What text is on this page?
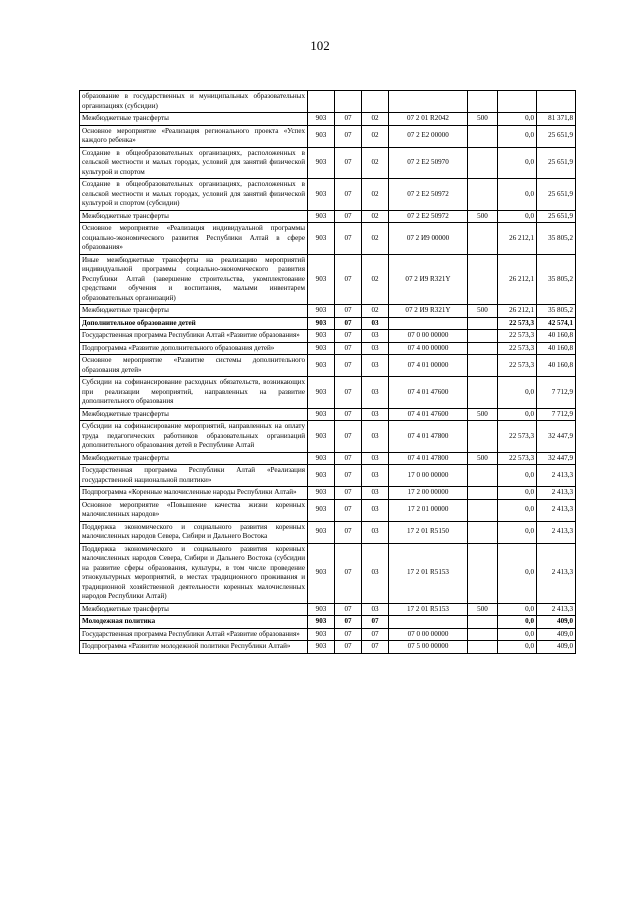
102
образование в государственных и муниципальных образовательных организациях (субсидии)							
Межбюджетные трансферты	903	07	02	07 2 01 R2042	500	0,0	81 371,8
Основное мероприятие «Реализация регионального проекта «Успех каждого ребенка»	903	07	02	07 2 E2 00000		0,0	25 651,9
Создание в общеобразовательных организациях, расположенных в сельской местности и малых городах, условий для занятий физической культурой и спортом	903	07	02	07 2 E2 50970		0,0	25 651,9
Создание в общеобразовательных организациях, расположенных в сельской местности и малых городах, условий для занятий физической культурой и спортом (субсидии)	903	07	02	07 2 E2 50972		0,0	25 651,9
Межбюджетные трансферты	903	07	02	07 2 E2 50972	500	0,0	25 651,9
Основное мероприятие «Реализация индивидуальной программы социально-экономического развития Республики Алтай в сфере образования»	903	07	02	07 2 И9 00000		26 212,1	35 805,2
Иные межбюджетные трансферты на реализацию мероприятий индивидуальной программы социально-экономического развития Республики Алтай (завершение строительства, укомплектование средствами обучения и воспитания, малыми инвентарем образовательных организаций)	903	07	02	07 2 И9 R321Y		26 212,1	35 805,2
Межбюджетные трансферты	903	07	02	07 2 И9 R321Y	500	26 212,1	35 805,2
Дополнительное образование детей	903	07	03			22 573,3	42 574,1
Государственная программа Республики Алтай «Развитие образования»	903	07	03	07 0 00 00000		22 573,3	40 160,8
Подпрограмма «Развитие дополнительного образования детей»	903	07	03	07 4 00 00000		22 573,3	40 160,8
Основное мероприятие «Развитие системы дополнительного образования детей»	903	07	03	07 4 01 00000		22 573,3	40 160,8
Субсидии на софинансирование расходных обязательств, возникающих при реализации мероприятий, направленных на развитие дополнительного образования	903	07	03	07 4 01 47600		0,0	7 712,9
Межбюджетные трансферты	903	07	03	07 4 01 47600	500	0,0	7 712,9
Субсидии на софинансирование мероприятий, направленных на оплату труда педагогических работников образовательных организаций дополнительного образования детей в Республике Алтай	903	07	03	07 4 01 47800		22 573,3	32 447,9
Межбюджетные трансферты	903	07	03	07 4 01 47800	500	22 573,3	32 447,9
Государственная программа Республики Алтай «Реализация государственной национальной политики»	903	07	03	17 0 00 00000		0,0	2 413,3
Подпрограмма «Коренные малочисленные народы Республики Алтай»	903	07	03	17 2 00 00000		0,0	2 413,3
Основное мероприятие «Повышение качества жизни коренных малочисленных народов»	903	07	03	17 2 01 00000		0,0	2 413,3
Поддержка экономического и социального развития коренных малочисленных народов Севера, Сибири и Дальнего Востока	903	07	03	17 2 01 R5150		0,0	2 413,3
Поддержка экономического и социального развития коренных малочисленных народов Севера, Сибири и Дальнего Востока (субсидии на развитие сферы образования, культуры, в том числе проведение этнокультурных мероприятий, в местах традиционного проживания и традиционной хозяйственной деятельности коренных малочисленных народов Республики Алтай)	903	07	03	17 2 01 R5153		0,0	2 413,3
Межбюджетные трансферты	903	07	03	17 2 01 R5153	500	0,0	2 413,3
Молодежная политика	903	07	07			0,0	409,0
Государственная программа Республики Алтай «Развитие образования»	903	07	07	07 0 00 00000		0,0	409,0
Подпрограмма «Развитие молодежной политики Республики Алтай»	903	07	07	07 5 00 00000		0,0	409,0
